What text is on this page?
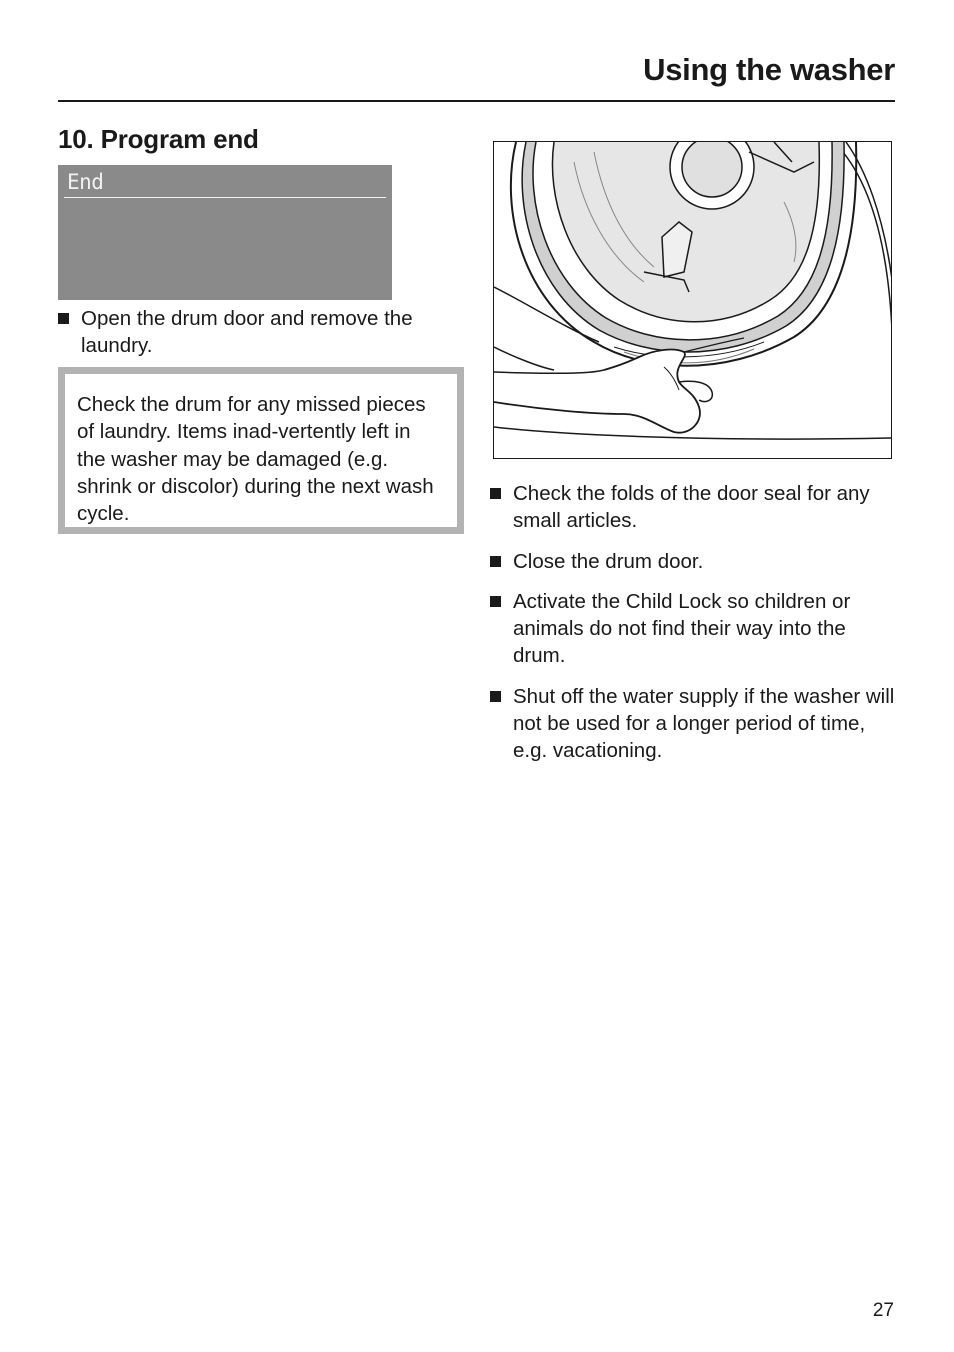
Using the washer
10. Program end
End
Open the drum door and remove the laundry.
Check the drum for any missed pieces of laundry. Items inad-vertently left in the washer may be damaged (e.g. shrink or discolor) during the next wash cycle.
Check the folds of the door seal for any small articles.
Close the drum door.
Activate the Child Lock so children or animals do not find their way into the drum.
Shut off the water supply if the washer will not be used for a longer period of time, e.g. vacationing.
27
